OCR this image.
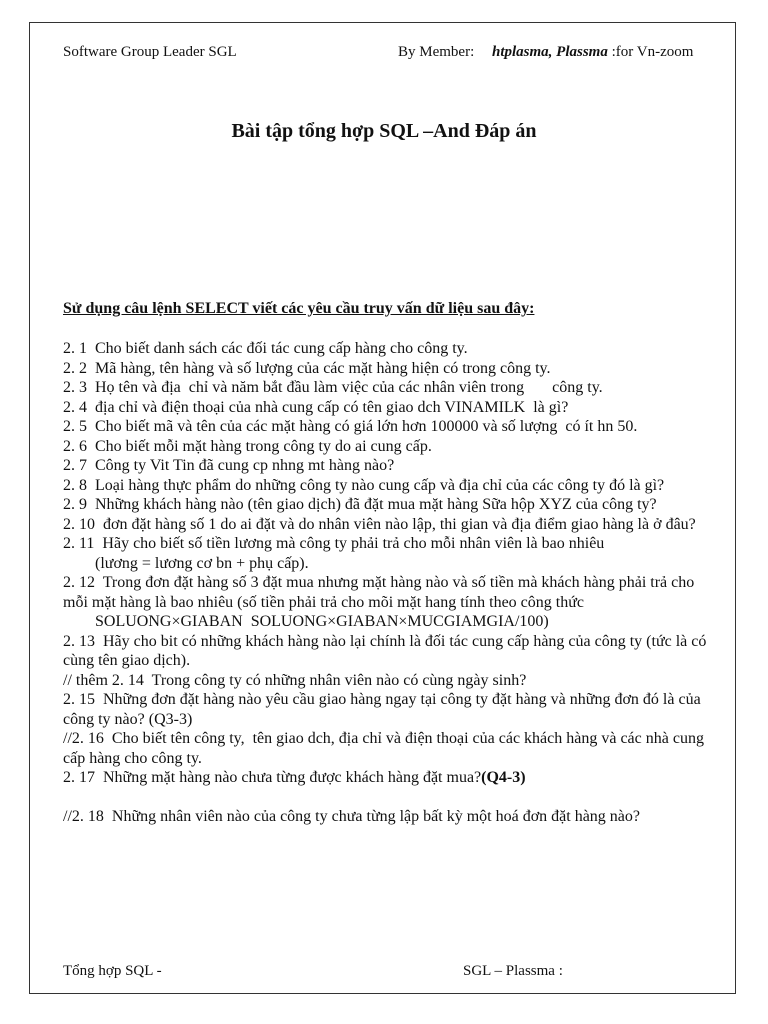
Software Group Leader SGL	By Member: htplasma, Plassma :for Vn-zoom
Bài tập tổng hợp SQL –And Đáp án
Sử dụng câu lệnh SELECT viết các yêu cầu truy vấn dữ liệu sau đây:
2. 1 Cho biết danh sách các đối tác cung cấp hàng cho công ty.
2. 2 Mã hàng, tên hàng và số lượng của các mặt hàng hiện có trong công ty.
2. 3 Họ tên và địa  chỉ và năm bắt đầu làm việc của các nhân viên trong       công ty.
2. 4 địa chỉ và điện thoại của nhà cung cấp có tên giao dch VINAMILK  là gì?
2. 5 Cho biết mã và tên của các mặt hàng có giá lớn hơn 100000 và số lượng  có ít hn 50.
2. 6 Cho biết mỗi mặt hàng trong công ty do ai cung cấp.
2. 7 Công ty Vit Tin đã cung cp nhng mt hàng nào?
2. 8 Loại hàng thực phẩm do những công ty nào cung cấp và địa chỉ của các công ty đó là gì?
2. 9 Những khách hàng nào (tên giao dịch) đã đặt mua mặt hàng Sữa hộp XYZ của công ty?
2. 10 đơn đặt hàng số 1 do ai đặt và do nhân viên nào lập, thi gian và địa điểm giao hàng là ở đâu?
2. 11 Hãy cho biết số tiền lương mà công ty phải trả cho mỗi nhân viên là bao nhiêu
(lương = lương cơ bn + phụ cấp).
2. 12 Trong đơn đặt hàng số 3 đặt mua nhưng mặt hàng nào và số tiền mà khách hàng phải trả cho mỗi mặt hàng là bao nhiêu (số tiền phải trả cho mõi mặt hang tính theo công thức
SOLUONG×GIABAN  SOLUONG×GIABAN×MUCGIAMGIA/100)
2. 13 Hãy cho bit có những khách hàng nào lại chính là đối tác cung cấp hàng của công ty (tức là có cùng tên giao dịch).
// thêm 2. 14 Trong công ty có những nhân viên nào có cùng ngày sinh?
2. 15 Những đơn đặt hàng nào yêu cầu giao hàng ngay tại công ty đặt hàng và những đơn đó là của công ty nào? (Q3-3)
//2. 16 Cho biết tên công ty,  tên giao dch, địa chỉ và điện thoại của các khách hàng và các nhà cung cấp hàng cho công ty.
2. 17 Những mặt hàng nào chưa từng được khách hàng đặt mua?(Q4-3)
//2. 18 Những nhân viên nào của công ty chưa từng lập bất kỳ một hoá đơn đặt hàng nào?
Tổng hợp SQL -	SGL – Plassma :
